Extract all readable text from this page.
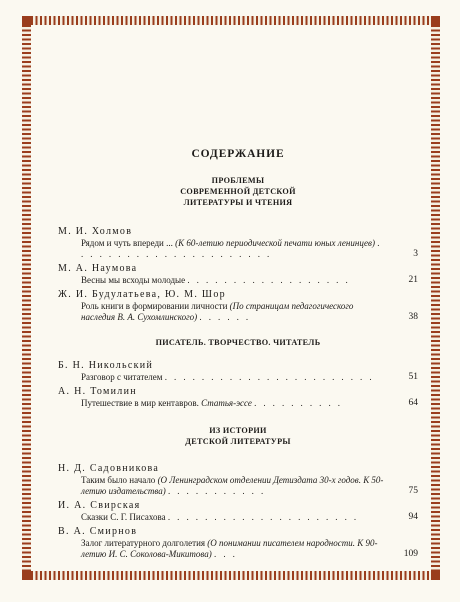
СОДЕРЖАНИЕ
ПРОБЛЕМЫ
СОВРЕМЕННОЙ ДЕТСКОЙ
ЛИТЕРАТУРЫ И ЧТЕНИЯ
М. И. Холмов
Рядом и чуть впереди ... (К 60-летию периодической печати юных ленинцев) . . . . . . . . . . . . . . . . . . . . . .	3
М. А. Наумова
Весны мы всходы молодые . . . . . . . . . . . . . . . . . .	21
Ж. И. Будулатьева, Ю. М. Шор
Роль книги в формировании личности (По страницам педагогического наследия В. А. Сухомлинского) . . . . . .	38
ПИСАТЕЛЬ. ТВОРЧЕСТВО. ЧИТАТЕЛЬ
Б. Н. Никольский
Разговор с читателем . . . . . . . . . . . . . . . . . . . . . . .	51
А. Н. Томилин
Путешествие в мир кентавров. Статья-эссе . . . . . . . . . .	64
ИЗ ИСТОРИИ
ДЕТСКОЙ ЛИТЕРАТУРЫ
Н. Д. Садовникова
Таким было начало (О Ленинградском отделении Детиздата 30-х годов. К 50-летию издательства) . . . . . . . . . . .	75
И. А. Свирская
Сказки С. Г. Писахова . . . . . . . . . . . . . . . . . . . . .	94
В. А. Смирнов
Залог литературного долголетия (О понимании писателем народности. К 90-летию И. С. Соколова-Микитова) . . .	109
